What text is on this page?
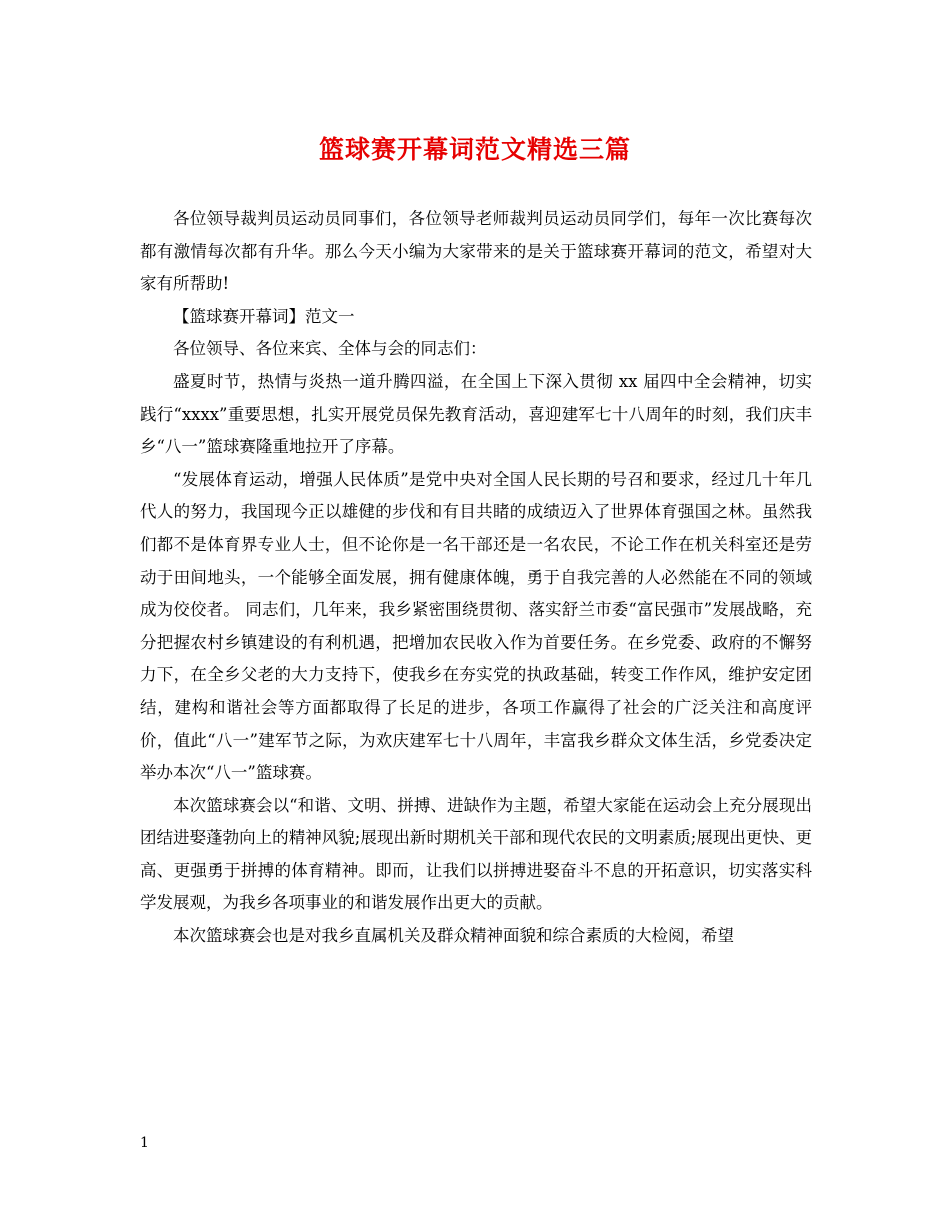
篮球赛开幕词范文精选三篇

各位领导裁判员运动员同事们，各位领导老师裁判员运动员同学们，每年一次比赛每次都有激情每次都有升华。那么今天小编为大家带来的是关于篮球赛开幕词的范文，希望对大家有所帮助!

【篮球赛开幕词】范文一

各位领导、各位来宾、全体与会的同志们：

盛夏时节，热情与炎热一道升腾四溢，在全国上下深入贯彻 xx 届四中全会精神，切实践行“xxxx”重要思想，扎实开展党员保先教育活动，喜迎建军七十八周年的时刻，我们庆丰乡“八一”篮球赛隆重地拉开了序幕。

“发展体育运动，增强人民体质”是党中央对全国人民长期的号召和要求，经过几十年几代人的努力，我国现今正以雄健的步伐和有目共睹的成绩迈入了世界体育强国之林。虽然我们都不是体育界专业人士，但不论你是一名干部还是一名农民，不论工作在机关科室还是劳动于田间地头，一个能够全面发展，拥有健康体魄，勇于自我完善的人必然能在不同的领域成为佼佼者。 同志们，几年来，我乡紧密围绕贯彻、落实舒兰市委“富民强市”发展战略，充分把握农村乡镇建设的有利机遇，把增加农民收入作为首要任务。在乡党委、政府的不懈努力下，在全乡父老的大力支持下，使我乡在夯实党的执政基础，转变工作作风，维护安定团结，建构和谐社会等方面都取得了长足的进步，各项工作赢得了社会的广泛关注和高度评价，值此“八一”建军节之际，为欢庆建军七十八周年，丰富我乡群众文体生活，乡党委决定举办本次“八一”篮球赛。

本次篮球赛会以“和谐、文明、拼搏、进缺作为主题，希望大家能在运动会上充分展现出团结进娶蓬勃向上的精神风貌;展现出新时期机关干部和现代农民的文明素质;展现出更快、更高、更强勇于拼搏的体育精神。即而，让我们以拼搏进娶奋斗不息的开拓意识，切实落实科学发展观，为我乡各项事业的和谐发展作出更大的贡献。

本次篮球赛会也是对我乡直属机关及群众精神面貌和综合素质的大检阅，希望

1
